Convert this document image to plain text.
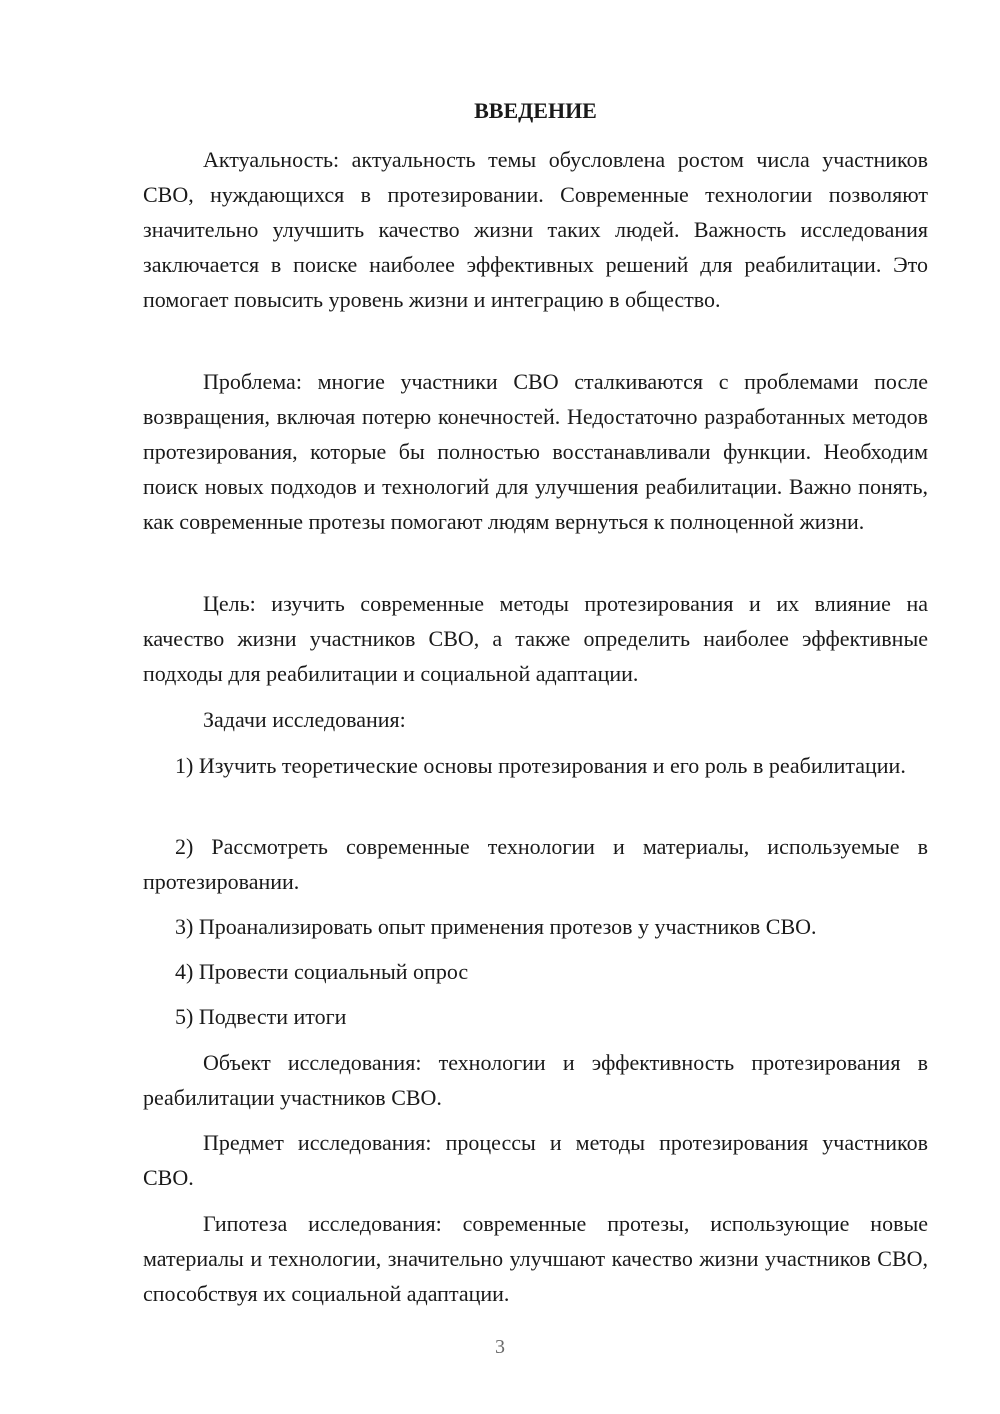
ВВЕДЕНИЕ

Актуальность: актуальность темы обусловлена ростом числа участников СВО, нуждающихся в протезировании. Современные технологии позволяют значительно улучшить качество жизни таких людей. Важность исследования заключается в поиске наиболее эффективных решений для реабилитации. Это помогает повысить уровень жизни и интеграцию в общество.

Проблема: многие участники СВО сталкиваются с проблемами после возвращения, включая потерю конечностей. Недостаточно разработанных методов протезирования, которые бы полностью восстанавливали функции. Необходим поиск новых подходов и технологий для улучшения реабилитации. Важно понять, как современные протезы помогают людям вернуться к полноценной жизни.

Цель: изучить современные методы протезирования и их влияние на качество жизни участников СВО, а также определить наиболее эффективные подходы для реабилитации и социальной адаптации.

Задачи исследования:

1) Изучить теоретические основы протезирования и его роль в реабилитации.

2) Рассмотреть современные технологии и материалы, используемые в протезировании.

3) Проанализировать опыт применения протезов у участников СВО.

4) Провести социальный опрос

5) Подвести итоги

Объект исследования: технологии и эффективность протезирования в реабилитации участников СВО.

Предмет исследования: процессы и методы протезирования участников СВО.

Гипотеза исследования: современные протезы, использующие новые материалы и технологии, значительно улучшают качество жизни участников СВО, способствуя их социальной адаптации.

3
